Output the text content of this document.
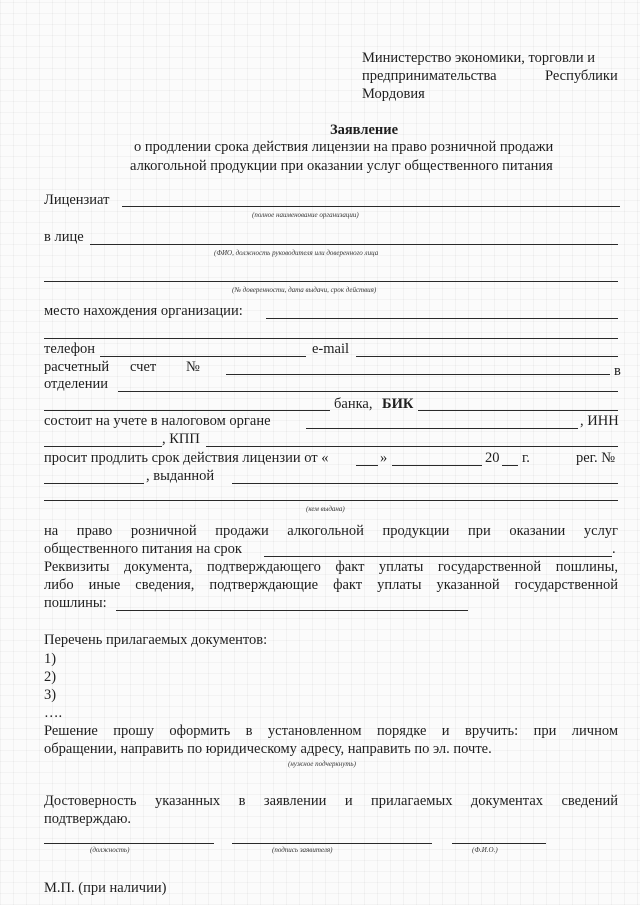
Министерство экономики, торговли и
предпринимательства	Республики
Мордовия
Заявление
о продлении срока действия лицензии на право розничной продажи
алкогольной продукции при оказании услуг общественного питания
Лицензиат
(полное наименование организации)
в лице
(ФИО, должность руководителя или доверенного лица
(№ доверенности, дата выдачи, срок действия)
место нахождения организации:
телефон	e-mail
расчетный счет №	в
отделении
банка, БИК
состоит на учете в налоговом органе	, ИНН
, КПП
просит продлить срок действия лицензии от «	»	20 г.	рег. №
, выданной
(кем выдана)
на право розничной продажи алкогольной продукции при оказании услуг
общественного питания на срок	.
Реквизиты документа, подтверждающего факт уплаты государственной пошлины,
либо иные сведения, подтверждающие факт уплаты указанной государственной
пошлины:
Перечень прилагаемых документов:
1)
2)
3)
….
Решение прошу оформить в установленном порядке и вручить: при личном
обращении, направить по юридическому адресу, направить по эл. почте.
(нужное подчеркнуть)
Достоверность указанных в заявлении и прилагаемых документах сведений
подтверждаю.
(должность)	(подпись заявителя)	(Ф.И.О.)
М.П. (при наличии)
